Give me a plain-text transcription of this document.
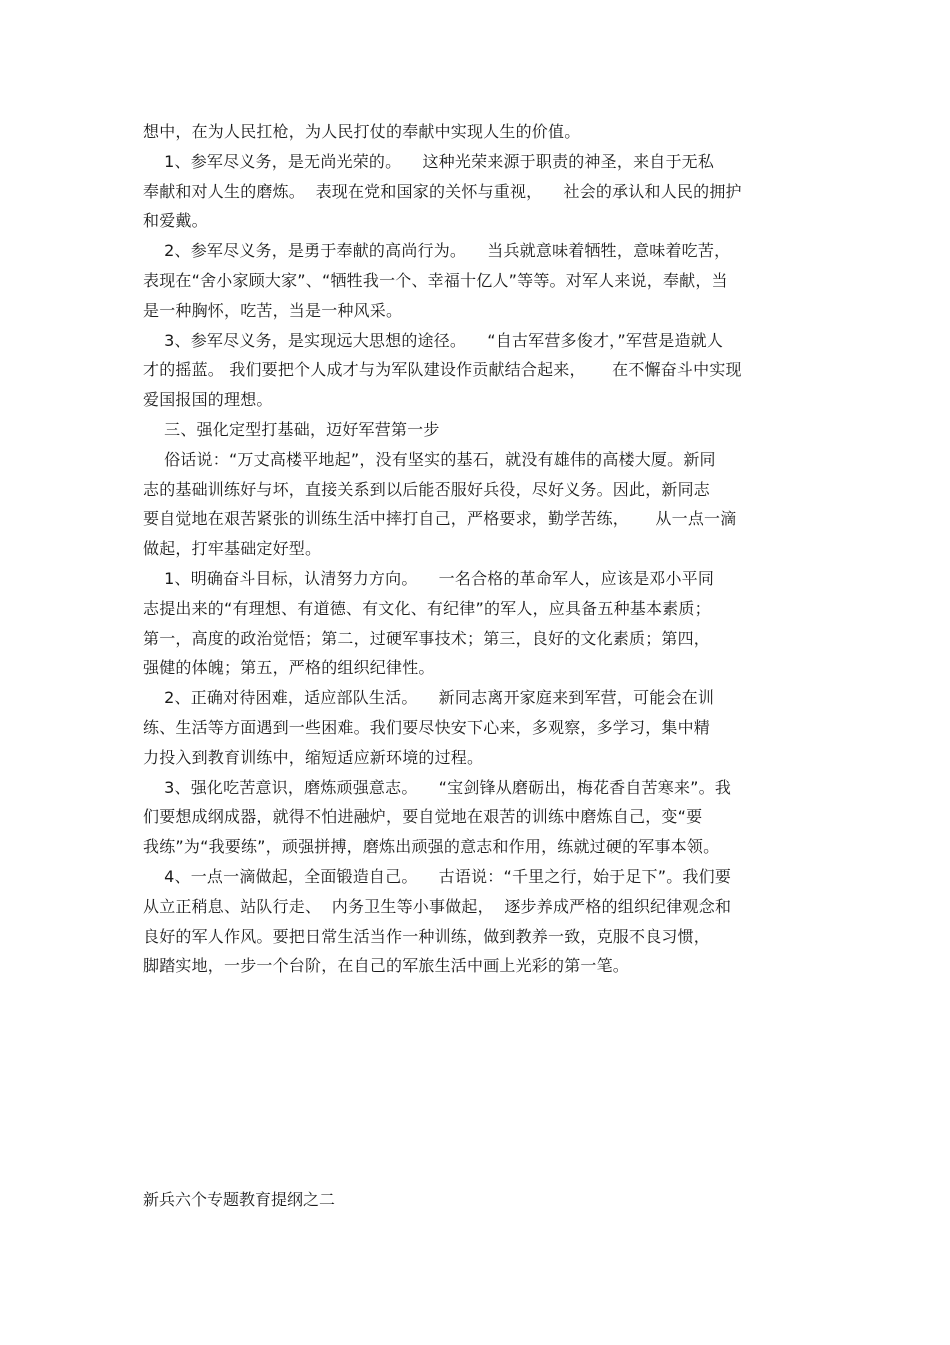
想中，在为人民扛枪，为人民打仗的奉献中实现人生的价值。
1、参军尽义务，是无尚光荣的。    这种光荣来源于职责的神圣，来自于无私
奉献和对人生的磨炼。  表现在党和国家的关怀与重视，    社会的承认和人民的拥护
和爱戴。
2、参军尽义务，是勇于奉献的高尚行为。    当兵就意味着牺牲，意味着吃苦，
表现在“舍小家顾大家”、“牺牲我一个、幸福十亿人”等等。对军人来说，奉献，当
是一种胸怀，吃苦，当是一种风采。
3、参军尽义务，是实现远大思想的途径。    “自古军营多俊才，”军营是造就人
才的摇蓝。 我们要把个人成才与为军队建设作贡献结合起来，     在不懈奋斗中实现
爱国报国的理想。
三、强化定型打基础，迈好军营第一步
俗话说：“万丈高楼平地起”，没有坚实的基石，就没有雄伟的高楼大厦。新同
志的基础训练好与坏，直接关系到以后能否服好兵役，尽好义务。因此，新同志
要自觉地在艰苦紧张的训练生活中摔打自己，严格要求，勤学苦练，     从一点一滴
做起，打牢基础定好型。
1、明确奋斗目标，认清努力方向。    一名合格的革命军人，应该是邓小平同
志提出来的“有理想、有道德、有文化、有纪律”的军人，应具备五种基本素质；
第一，高度的政治觉悟；第二，过硬军事技术；第三，良好的文化素质；第四，
强健的体魄；第五，严格的组织纪律性。
2、正确对待困难，适应部队生活。    新同志离开家庭来到军营，可能会在训
练、生活等方面遇到一些困难。我们要尽快安下心来，多观察，多学习，集中精
力投入到教育训练中，缩短适应新环境的过程。
3、强化吃苦意识，磨炼顽强意志。    “宝剑锋从磨砺出，梅花香自苦寒来”。我
们要想成纲成器，就得不怕进融炉，要自觉地在艰苦的训练中磨炼自己，变“要
我练”为“我要练”，顽强拼搏，磨炼出顽强的意志和作用，练就过硬的军事本领。
4、一点一滴做起，全面锻造自己。    古语说：“千里之行，始于足下”。我们要
从立正稍息、站队行走、  内务卫生等小事做起，  逐步养成严格的组织纪律观念和
良好的军人作风。要把日常生活当作一种训练，做到教养一致，克服不良习惯，
脚踏实地，一步一个台阶，在自己的军旅生活中画上光彩的第一笔。
新兵六个专题教育提纲之二
